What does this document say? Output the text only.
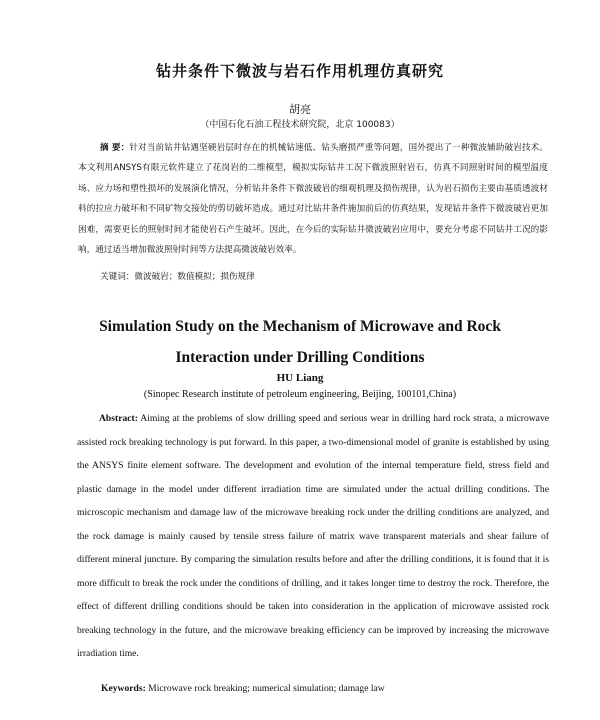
钻井条件下微波与岩石作用机理仿真研究
胡亮
（中国石化石油工程技术研究院，北京 100083）

摘 要：针对当前钻井钻遇坚硬岩层时存在的机械钻速低、钻头磨损严重等问题，国外提出了一种微波辅助破岩技术。本文利用ANSYS有限元软件建立了花岗岩的二维模型，模拟实际钻井工况下微波照射岩石，仿真不同照射时间的模型温度场、应力场和塑性损坏的发展演化情况，分析钻井条件下微波破岩的细观机理及损伤规律，认为岩石损伤主要由基质透波材料的拉应力破坏和不同矿物交接处的剪切破坏造成。通过对比钻井条件施加前后的仿真结果，发现钻井条件下微波破岩更加困难，需要更长的照射时间才能使岩石产生破坏。因此，在今后的实际钻井微波破岩应用中，要充分考虑不同钻井工况的影响，通过适当增加微波照射时间等方法提高微波破岩效率。

关键词：微波破岩；数值模拟；损伤规律
Simulation Study on the Mechanism of Microwave and Rock
Interaction under Drilling Conditions
HU Liang
(Sinopec Research institute of petroleum engineering, Beijing, 100101,China)

Abstract: Aiming at the problems of slow drilling speed and serious wear in drilling hard rock strata, a microwave assisted rock breaking technology is put forward. In this paper, a two-dimensional model of granite is established by using the ANSYS finite element software. The development and evolution of the internal temperature field, stress field and plastic damage in the model under different irradiation time are simulated under the actual drilling conditions. The microscopic mechanism and damage law of the microwave breaking rock under the drilling conditions are analyzed, and the rock damage is mainly caused by tensile stress failure of matrix wave transparent materials and shear failure of different mineral juncture. By comparing the simulation results before and after the drilling conditions, it is found that it is more difficult to break the rock under the conditions of drilling, and it takes longer time to destroy the rock. Therefore, the effect of different drilling conditions should be taken into consideration in the application of microwave assisted rock breaking technology in the future, and the microwave breaking efficiency can be improved by increasing the microwave irradiation time.

Keywords: Microwave rock breaking; numerical simulation; damage law
